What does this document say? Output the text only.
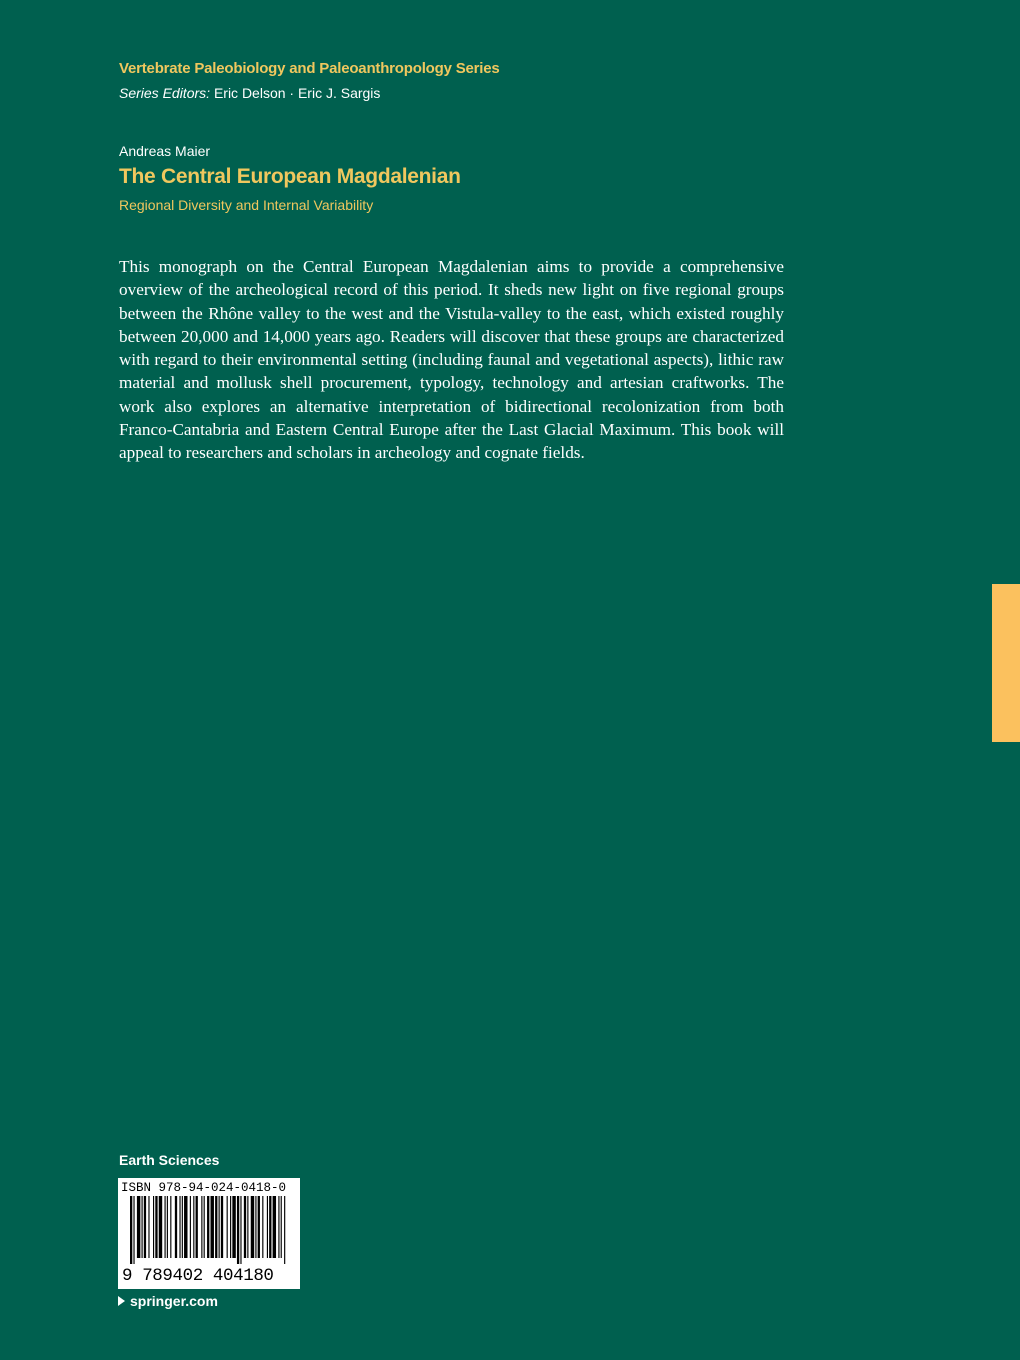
Vertebrate Paleobiology and Paleoanthropology Series
Series Editors: Eric Delson · Eric J. Sargis
Andreas Maier
The Central European Magdalenian
Regional Diversity and Internal Variability

This monograph on the Central European Magdalenian aims to provide a comprehensive overview of the archeological record of this period. It sheds new light on five regional groups between the Rhône valley to the west and the Vistula-valley to the east, which existed roughly between 20,000 and 14,000 years ago. Readers will discover that these groups are characterized with regard to their environmental setting (including faunal and vegetational aspects), lithic raw material and mollusk shell procurement, typology, technology and artesian craftworks. The work also explores an alternative interpretation of bidirectional recolonization from both Franco-Cantabria and Eastern Central Europe after the Last Glacial Maximum. This book will appeal to researchers and scholars in archeology and cognate fields.

Earth Sciences
ISBN 978-94-024-0418-0
9 789402 404180
springer.com
